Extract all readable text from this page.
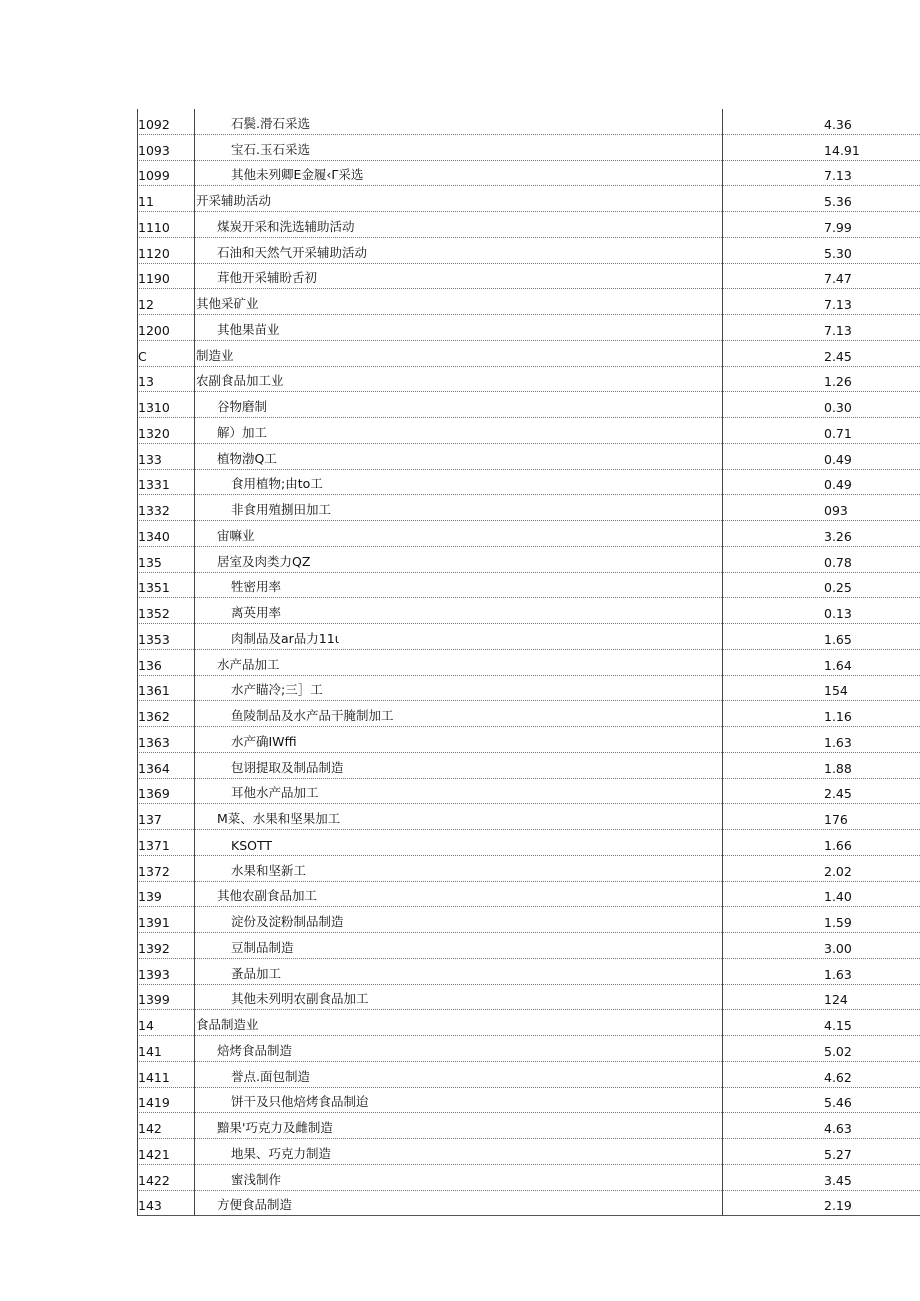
1092	石鬓.滑石采选	4.36
1093	宝石.玉石采选	14.91
1099	其他未列卿E金履‹Γ采选	7.13
11	开采辅助活动	5.36
1110	煤炭开采和洗选辅助活动	7.99
1120	石油和天然气开采辅助活动	5.30
1190	茸他开采辅盼舌初	7.47
12	其他采矿业	7.13
1200	其他果苗业	7.13
C	制造业	2.45
13	农副食品加工业	1.26
1310	谷物磨制	0.30
1320	解）加工	0.71
133	植物渤Q工	0.49
1331	食用植物;由to工	0.49
1332	非食用殖捌田加工	093
1340	宙嘛业	3.26
135	居室及肉类力QZ	0.78
1351	牲密用率	0.25
1352	离英用率	0.13
1353	肉制品及ar品力11ɩ	1.65
136	水产品加工	1.64
1361	水产瞄冷;三］工	154
1362	鱼陵制品及水产品干腌制加工	1.16
1363	水产确IWffi	1.63
1364	包诩提取及制品制造	1.88
1369	耳他水产品加工	2.45
137	M菜、水果和坚果加工	176
1371	KSOTT	1.66
1372	水果和坚新工	2.02
139	其他农副食品加工	1.40
1391	淀份及淀粉制品制造	1.59
1392	豆制品制造	3.00
1393	蚤品加工	1.63
1399	其他未列明农副食品加工	124
14	食品制造业	4.15
141	焙烤食品制造	5.02
1411	誉点.面包制造	4.62
1419	饼干及只他焙烤食品制迨	5.46
142	黯果'巧克力及雌制造	4.63
1421	地果、巧克力制造	5.27
1422	蜜浅制作	3.45
143	方便食品制造	2.19
